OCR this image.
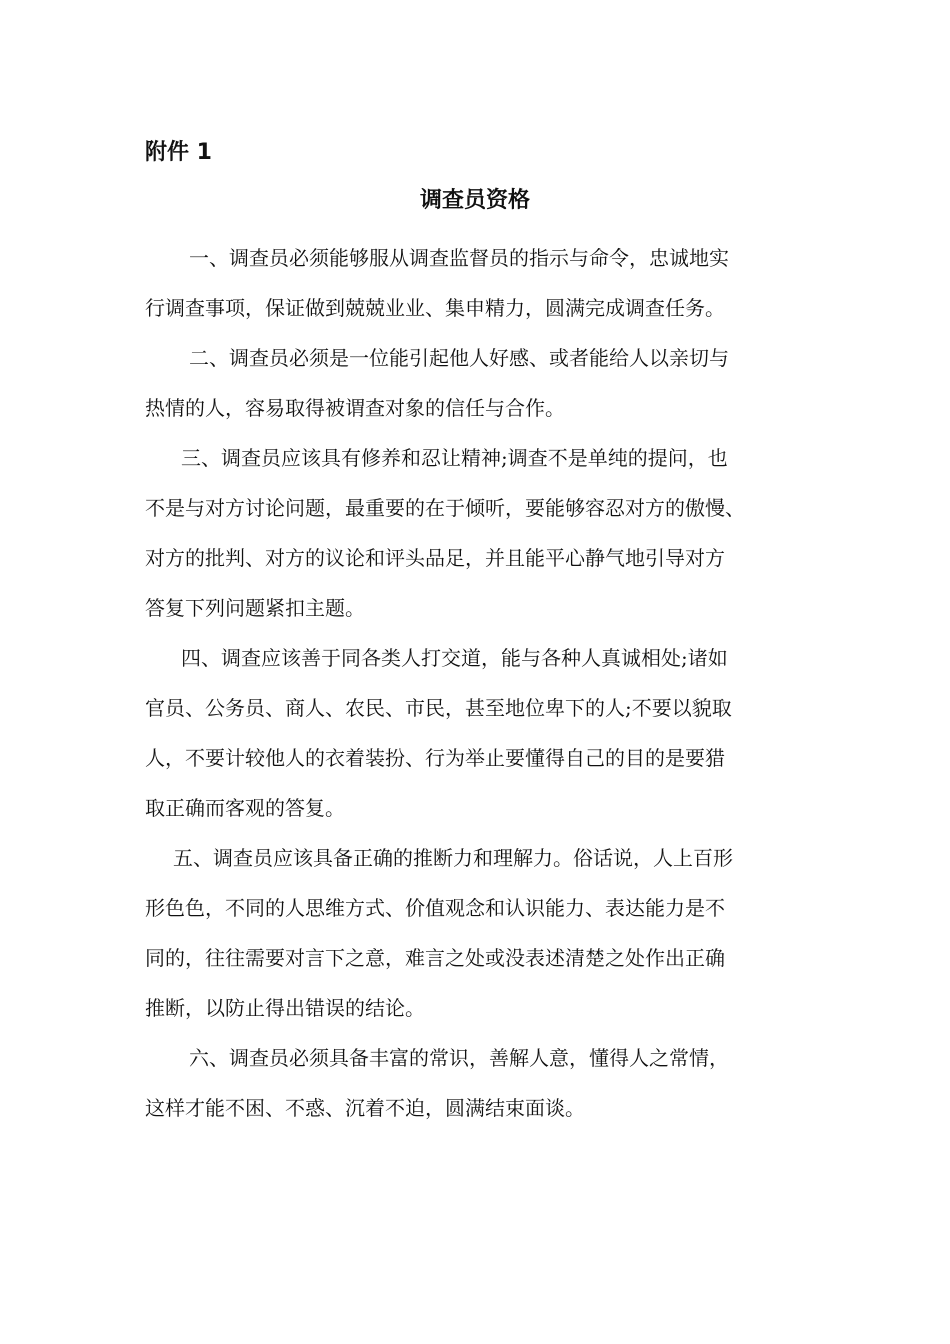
附件 1
调查员资格

一、调查员必须能够服从调查监督员的指示与命令，忠诚地实

行调查事项，保证做到兢兢业业、集申精力，圆满完成调查任务。

二、调查员必须是一位能引起他人好感、或者能给人以亲切与

热情的人，容易取得被谓查对象的信任与合作。

三、调查员应该具有修养和忍让精神;调查不是单纯的提问，也

不是与对方讨论问题，最重要的在于倾听，要能够容忍对方的傲慢、

对方的批判、对方的议论和评头品足，并且能平心静气地引导对方

答复下列问题紧扣主题。

四、调查应该善于同各类人打交道，能与各种人真诚相处;诸如

官员、公务员、商人、农民、市民，甚至地位卑下的人;不要以貌取

人，不要计较他人的衣着装扮、行为举止要懂得自己的目的是要猎

取正确而客观的答复。

五、调查员应该具备正确的推断力和理解力。俗话说，人上百形

形色色，不同的人思维方式、价值观念和认识能力、表达能力是不

同的，往往需要对言下之意，难言之处或没表述清楚之处作出正确

推断，以防止得出错误的结论。

六、调查员必须具备丰富的常识，善解人意，懂得人之常情，

这样才能不困、不惑、沉着不迫，圆满结束面谈。
